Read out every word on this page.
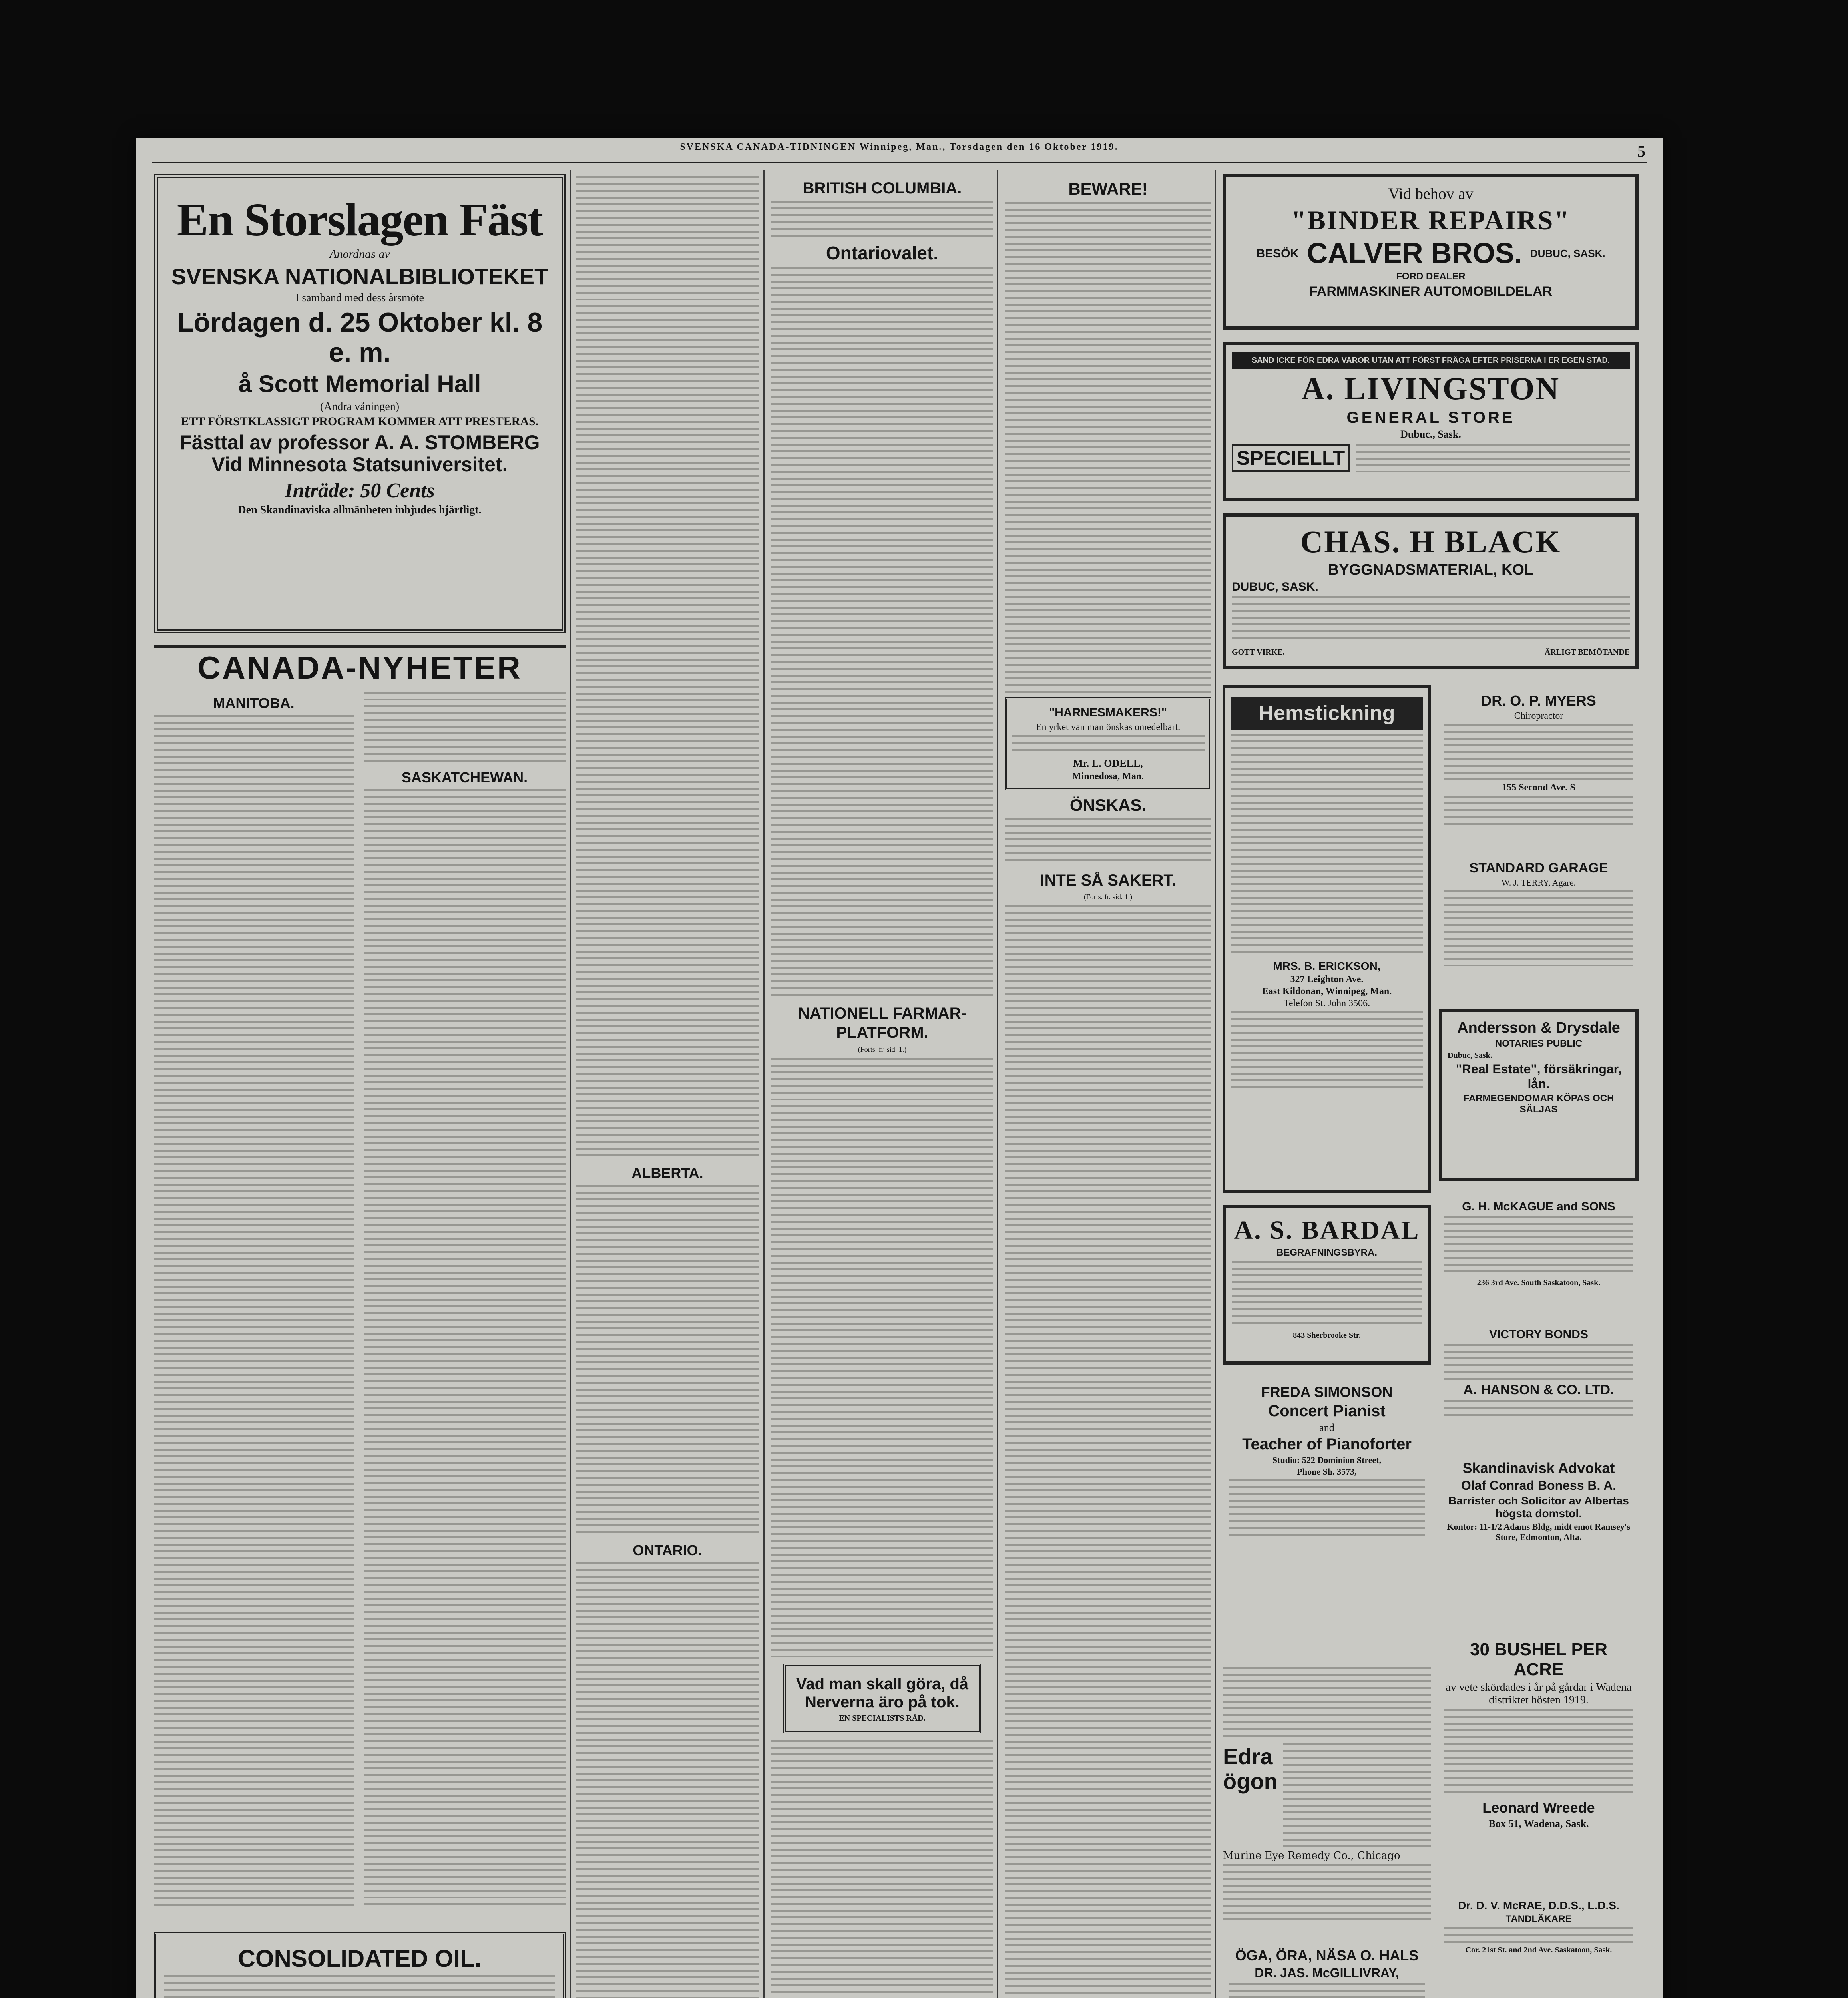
SVENSKA CANADA-TIDNINGEN Winnipeg, Man., Torsdagen den 16 Oktober 1919.	5
En Storslagen Fäst
—Anordnas av—
SVENSKA NATIONALBIBLIOTEKET
I samband med dess årsmöte
Lördagen d. 25 Oktober kl. 8 e. m.
å Scott Memorial Hall
(Andra våningen)
ETT FÖRSTKLASSIGT PROGRAM KOMMER ATT PRESTERAS.
Fästtal av professor A. A. STOMBERG Vid Minnesota Statsuniversitet.
Inträde: 50 Cents
Den Skandinaviska allmänheten inbjudes hjärtligt.
CANADA-NYHETER
MANITOBA.
SASKATCHEWAN.
CONSOLIDATED OIL.
ALBERTA.
ONTARIO.
BRITISH COLUMBIA.
Ontariovalet.
NATIONELL FARMAR-PLATFORM.
(Forts. fr. sid. 1.)
Vad man skall göra, då Nerverna äro på tok.
EN SPECIALISTS RÅD.
BEWARE!
"HARNESMAKERS!"
En yrket van man önskas omedelbart.
Mr. L. ODELL,
Minnedosa, Man.
ÖNSKAS.
INTE SÅ SAKERT.
(Forts. fr. sid. 1.)
Vid behov av
"BINDER REPAIRS"
BESÖK CALVER BROS. DUBUC, SASK.
FORD DEALER
FARMMASKINER AUTOMOBILDELAR
SAND ICKE FÖR EDRA VAROR UTAN ATT FÖRST FRÅGA EFTER PRISERNA I ER EGEN STAD.
A. LIVINGSTON
GENERAL STORE
Dubuc., Sask.
SPECIELLT
CHAS. H BLACK
BYGGNADSMATERIAL, KOL
DUBUC, SASK.
GOTT VIRKE.	ÄRLIGT BEMÖTANDE
Hemstickning
MRS. B. ERICKSON,
327 Leighton Ave.
East Kildonan, Winnipeg, Man.
Telefon St. John 3506.
A. S. BARDAL
BEGRAFNINGSBYRA.
843 Sherbrooke Str.
FREDA SIMONSON
Concert Pianist
and
Teacher of Pianoforter
Studio: 522 Dominion Street,
Phone Sh. 3573,
Edra ögon
Murine Eye Remedy Co., Chicago
ÖGA, ÖRA, NÄSA O. HALS
DR. JAS. McGILLIVRAY,
DR. O. P. MYERS
Chiropractor
155 Second Ave. S
STANDARD GARAGE
W. J. TERRY, Agare.
Andersson & Drysdale
NOTARIES PUBLIC
Dubuc, Sask.
"Real Estate", försäkringar, lån.
FARMEGENDOMAR KÖPAS OCH SÄLJAS
G. H. McKAGUE and SONS
236 3rd Ave. South Saskatoon, Sask.
VICTORY BONDS
A. HANSON & CO. LTD.
Skandinavisk Advokat
Olaf Conrad Boness B. A.
Barrister och Solicitor av Albertas högsta domstol.
Kontor: 11-1/2 Adams Bldg, midt emot Ramsey's Store, Edmonton, Alta.
30 BUSHEL PER ACRE
av vete skördades i år på gårdar i Wadena distriktet hösten 1919.
Leonard Wreede
Box 51, Wadena, Sask.
Dr. D. V. McRAE, D.D.S., L.D.S.
TANDLÄKARE
Cor. 21st St. and 2nd Ave. Saskatoon, Sask.
